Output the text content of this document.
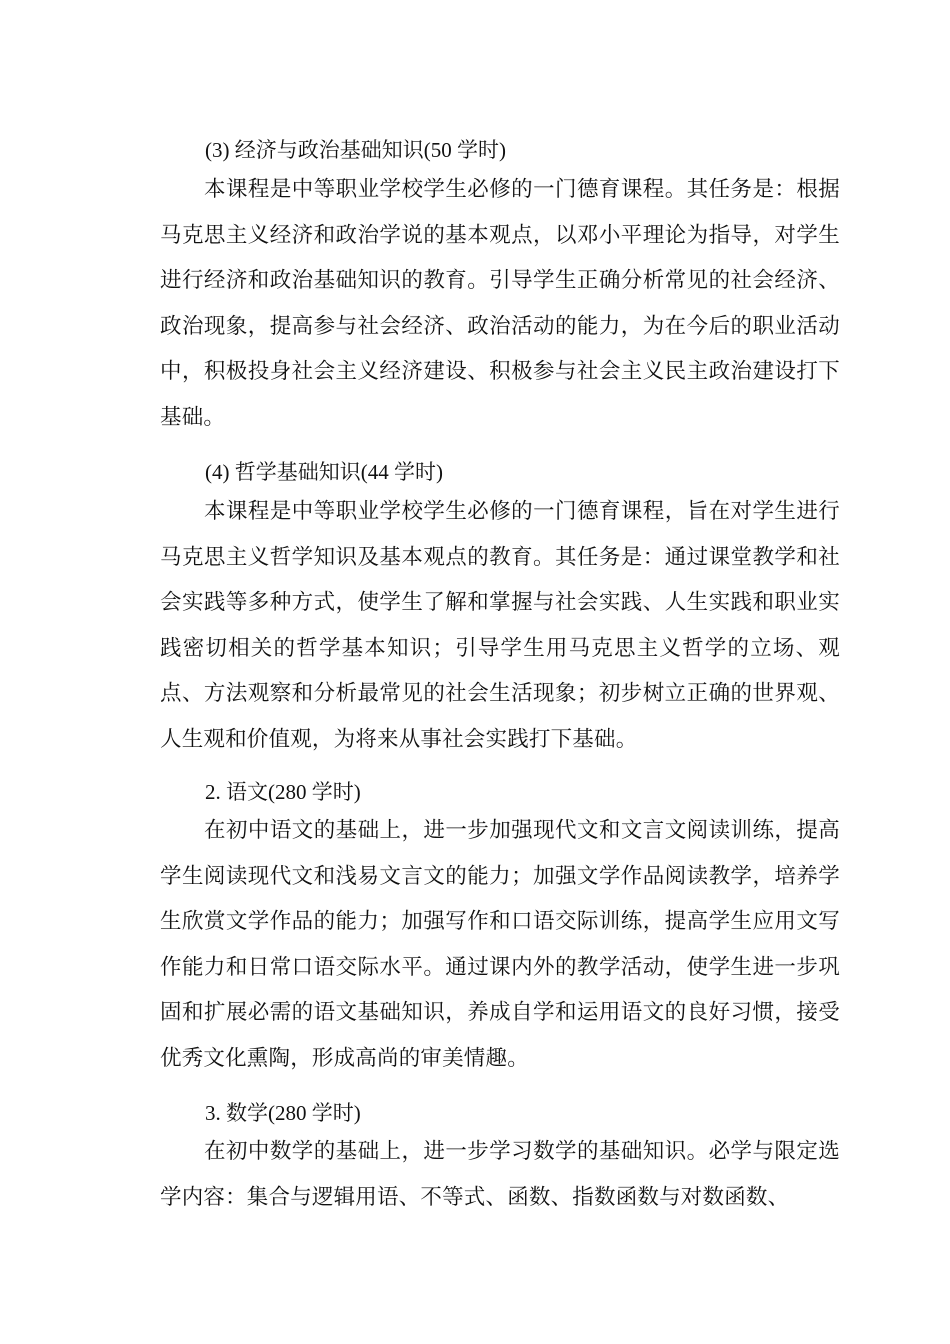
(3) 经济与政治基础知识(50 学时)
本课程是中等职业学校学生必修的一门德育课程。其任务是：根据马克思主义经济和政治学说的基本观点，以邓小平理论为指导，对学生进行经济和政治基础知识的教育。引导学生正确分析常见的社会经济、政治现象，提高参与社会经济、政治活动的能力，为在今后的职业活动中，积极投身社会主义经济建设、积极参与社会主义民主政治建设打下基础。
(4) 哲学基础知识(44 学时)
本课程是中等职业学校学生必修的一门德育课程，旨在对学生进行马克思主义哲学知识及基本观点的教育。其任务是：通过课堂教学和社会实践等多种方式，使学生了解和掌握与社会实践、人生实践和职业实践密切相关的哲学基本知识；引导学生用马克思主义哲学的立场、观点、方法观察和分析最常见的社会生活现象；初步树立正确的世界观、人生观和价值观，为将来从事社会实践打下基础。
2. 语文(280 学时)
在初中语文的基础上，进一步加强现代文和文言文阅读训练，提高学生阅读现代文和浅易文言文的能力；加强文学作品阅读教学，培养学生欣赏文学作品的能力；加强写作和口语交际训练，提高学生应用文写作能力和日常口语交际水平。通过课内外的教学活动，使学生进一步巩固和扩展必需的语文基础知识，养成自学和运用语文的良好习惯，接受优秀文化熏陶，形成高尚的审美情趣。
3. 数学(280 学时)
在初中数学的基础上，进一步学习数学的基础知识。必学与限定选学内容：集合与逻辑用语、不等式、函数、指数函数与对数函数、
